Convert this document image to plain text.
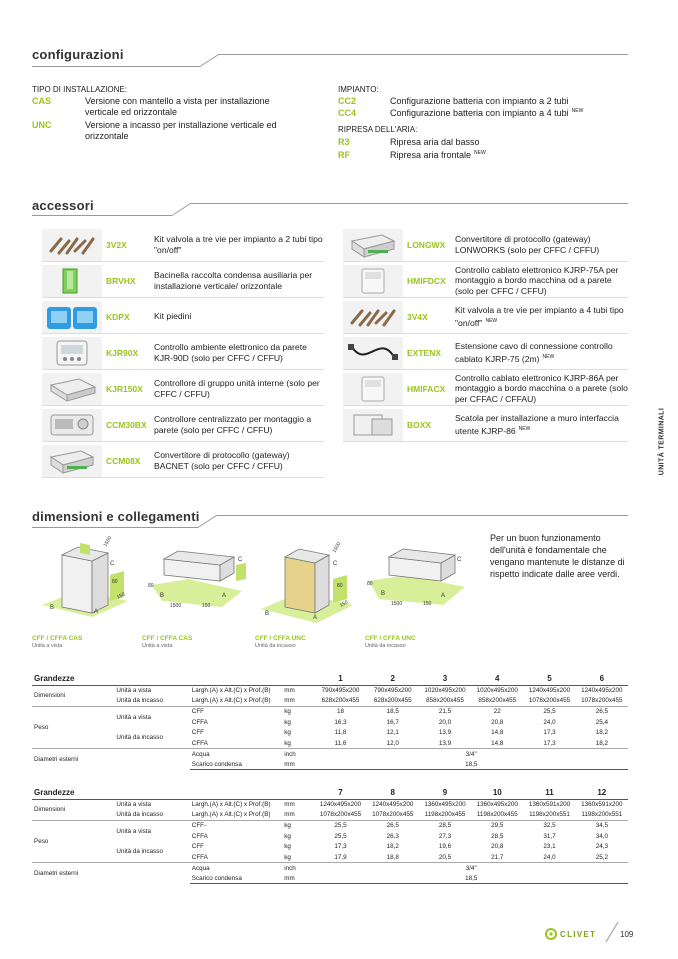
configurazioni
TIPO DI INSTALLAZIONE:
CAS	Versione con mantello a vista per installazione verticale ed orizzontale
UNC	Versione a incasso per installazione verticale ed orizzontale
IMPIANTO:
CC2	Configurazione batteria con impianto a 2 tubi
CC4	Configurazione batteria con impianto a 4 tubi NEW
RIPRESA DELL'ARIA:
R3	Ripresa aria dal basso
RF	Ripresa aria frontale NEW
accessori
3V2X
Kit valvola a tre vie per impianto a 2 tubi tipo "on/off"
BRVHX
Bacinella raccolta condensa ausiliaria per installazione verticale/ orizzontale
KDPX	Kit piedini
KJR90X
Controllo ambiente elettronico da parete KJR-90D (solo per CFFC / CFFU)
KJR150X
Controllore di gruppo unità interne (solo per CFFC / CFFU)
CCM30BX
Controllore centralizzato per montaggio a parete (solo per CFFC / CFFU)
CCM08X
Convertitore di protocollo (gateway) BACNET (solo per CFFC / CFFU)
LONGWX
Convertitore di protocollo (gateway) LONWORKS (solo per CFFC / CFFU)
HMIFDCX
Controllo cablato elettronico KJRP-75A per montaggio a bordo macchina od a parete (solo per CFFC / CFFU)
3V4X
Kit valvola a tre vie per impianto a 4 tubi tipo "on/off" $^{NEW}$
EXTENX
Estensione cavo di connessione controllo cablato KJRP-75 (2m) $^{NEW}$
HMIFACX
Controllo cablato elettronico KJRP-86A per montaggio a bordo macchina o a parete (solo per CFFAC / CFFAU)
BOXX
Scatola per installazione a muro interfaccia utente KJRP-86 $^{NEW}$
dimensioni e collegamenti
B
A
C
1500
80
150
80
B
1500	150
A
C
B
A
C
1500
80
150
80
B
1500	150
A
C
Per un buon funzionamento dell'unità è fondamentale che vengano mantenute le distanze di rispetto indicate dalle aree verdi.
CFF / CFFA CAS
Unità a vista
CFF / CFFA CAS
Unità a vista
CFF / CFFA UNC
Unità da incasso
CFF / CFFA UNC
Unità da incasso
Grandezze				1	2	3	4	5	6
Dimensioni	Unità a vista	Largh.(A) x Alt.(C) x Prof.(B)	mm	790x495x200	790x495x200	1020x495x200	1020x495x200	1240x495x200	1240x495x200
	Unità da incasso	Largh.(A) x Alt.(C) x Prof.(B)	mm	628x200x455	628x200x455	858x200x455	858x200x455	1078x200x455	1078x200x455
Peso	Unità a vista	CFF	kg	18	18,5	21,5	22	25,5	26,5
		CFFA	kg	16,3	16,7	20,0	20,8	24,0	25,4
	Unità da incasso	CFF	kg	11,8	12,1	13,9	14,8	17,3	18,2
		CFFA	kg	11,6	12,0	13,9	14,8	17,3	18,2
Diametri esterni		Acqua	inch	3/4"					
		Scarico condensa	mm	18,5					
Grandezze				7	8	9	10	11	12
Dimensioni	Unità a vista	Largh.(A) x Alt.(C) x Prof.(B)	mm	1240x495x200	1240x495x200	1360x495x200	1360x495x200	1360x591x200	1360x591x200
	Unità da incasso	Largh.(A) x Alt.(C) x Prof.(B)	mm	1078x200x455	1078x200x455	1198x200x455	1198x200x455	1198x200x551	1198x200x551
Peso	Unità a vista	CFF-	kg	25,5	26,5	28,5	29,5	32,5	34,5
		CFFA	kg	25,5	26,3	27,3	28,5	31,7	34,0
	Unità da incasso	CFF	kg	17,3	18,2	19,6	20,8	23,1	24,3
		CFFA	kg	17,9	18,8	20,5	21,7	24,0	25,2
Diametri esterni		Acqua	inch	3/4"					
		Scarico condensa	mm	18,5					
UNITÀ TERMINALI
CLIVET	109
